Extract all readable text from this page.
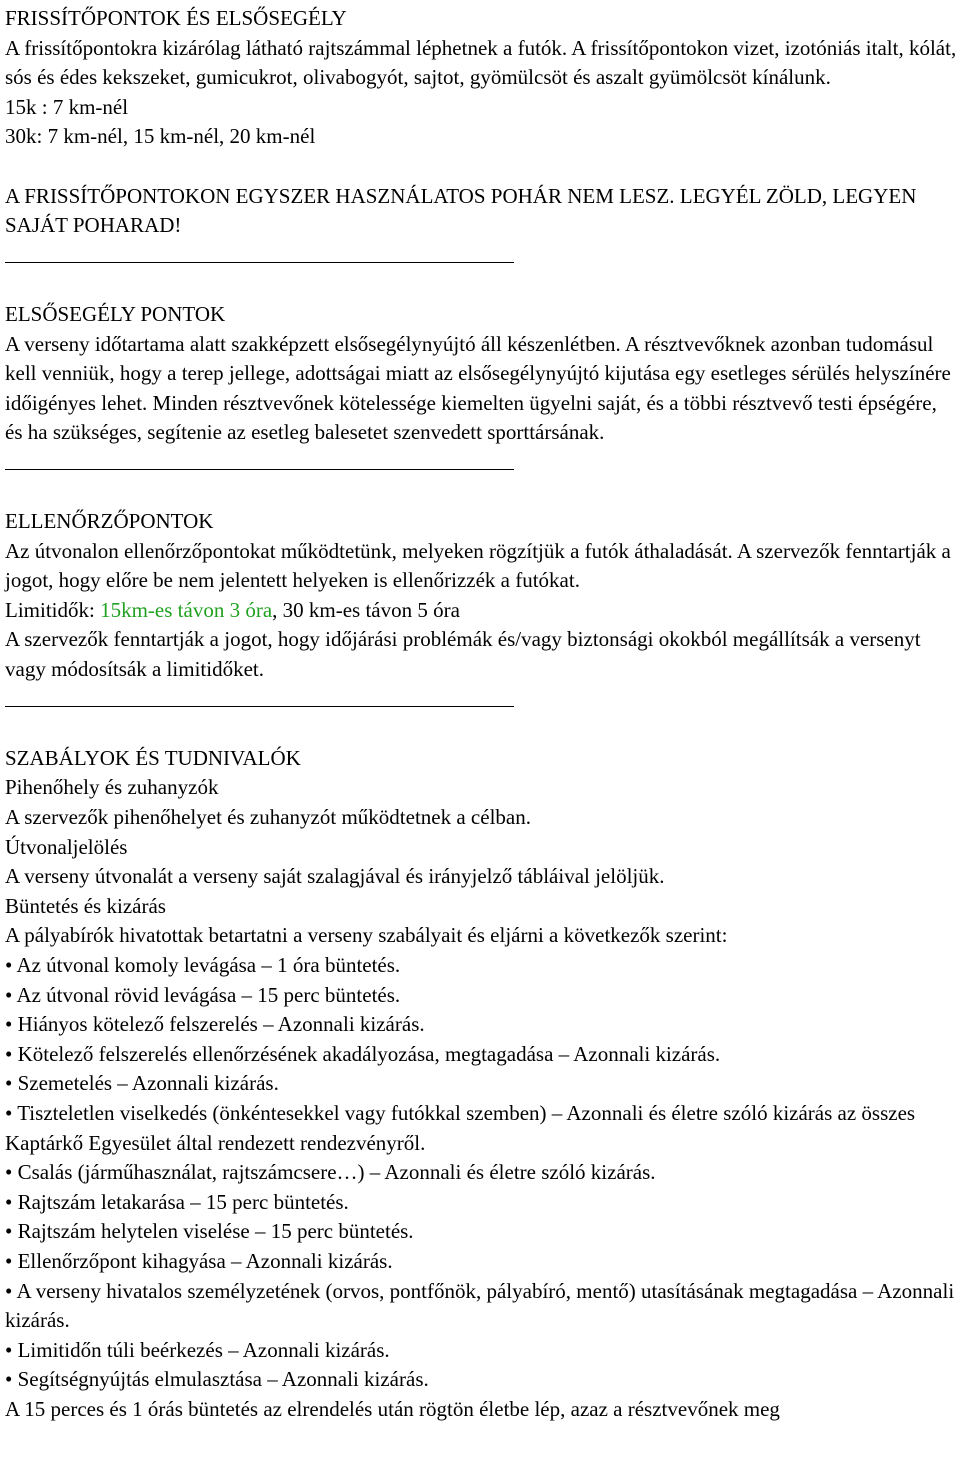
FRISSÍTŐPONTOK ÉS ELSŐSEGÉLY

A frissítőpontokra kizárólag látható rajtszámmal léphetnek a futók. A frissítőpontokon vizet, izotóniás italt, kólát, sós és édes kekszeket, gumicukrot, olivabogyót, sajtot, gyömülcsöt és aszalt gyümölcsöt kínálunk.

15k : 7 km-nél

30k: 7 km-nél, 15 km-nél, 20 km-nél

A FRISSÍTŐPONTOKON EGYSZER HASZNÁLATOS POHÁR NEM LESZ. LEGYÉL ZÖLD, LEGYEN SAJÁT POHARAD!

ELSŐSEGÉLY PONTOK

A verseny időtartama alatt szakképzett elsősegélynyújtó áll készenlétben. A résztvevőknek azonban tudomásul kell venniük, hogy a terep jellege, adottságai miatt az elsősegélynyújtó kijutása egy esetleges sérülés helyszínére időigényes lehet. Minden résztvevőnek kötelessége kiemelten ügyelni saját, és a többi résztvevő testi épségére, és ha szükséges, segítenie az esetleg balesetet szenvedett sporttársának.

ELLENŐRZŐPONTOK

Az útvonalon ellenőrzőpontokat működtetünk, melyeken rögzítjük a futók áthaladását. A szervezők fenntartják a jogot, hogy előre be nem jelentett helyeken is ellenőrizzék a futókat.

Limitidők: 15km-es távon 3 óra, 30 km-es távon 5 óra

A szervezők fenntartják a jogot, hogy időjárási problémák és/vagy biztonsági okokból megállítsák a versenyt vagy módosítsák a limitidőket.

SZABÁLYOK ÉS TUDNIVALÓK

Pihenőhely és zuhanyzók

A szervezők pihenőhelyet és zuhanyzót működtetnek a célban.

Útvonaljelölés

A verseny útvonalát a verseny saját szalagjával és irányjelző tábláival jelöljük.

Büntetés és kizárás

A pályabírók hivatottak betartatni a verseny szabályait és eljárni a következők szerint:

• Az útvonal komoly levágása – 1 óra büntetés.

• Az útvonal rövid levágása – 15 perc büntetés.

• Hiányos kötelező felszerelés – Azonnali kizárás.

• Kötelező felszerelés ellenőrzésének akadályozása, megtagadása – Azonnali kizárás.

• Szemetelés – Azonnali kizárás.

• Tiszteletlen viselkedés (önkéntesekkel vagy futókkal szemben) – Azonnali és életre szóló kizárás az összes Kaptárkő Egyesület által rendezett rendezvényről.

• Csalás (járműhasználat, rajtszámcsere…) – Azonnali és életre szóló kizárás.

• Rajtszám letakarása – 15 perc büntetés.

• Rajtszám helytelen viselése – 15 perc büntetés.

• Ellenőrzőpont kihagyása – Azonnali kizárás.

• A verseny hivatalos személyzetének (orvos, pontfőnök, pályabíró, mentő) utasításának megtagadása – Azonnali kizárás.

• Limitidőn túli beérkezés – Azonnali kizárás.

• Segítségnyújtás elmulasztása – Azonnali kizárás.

A 15 perces és 1 órás büntetés az elrendelés után rögtön életbe lép, azaz a résztvevőnek meg
